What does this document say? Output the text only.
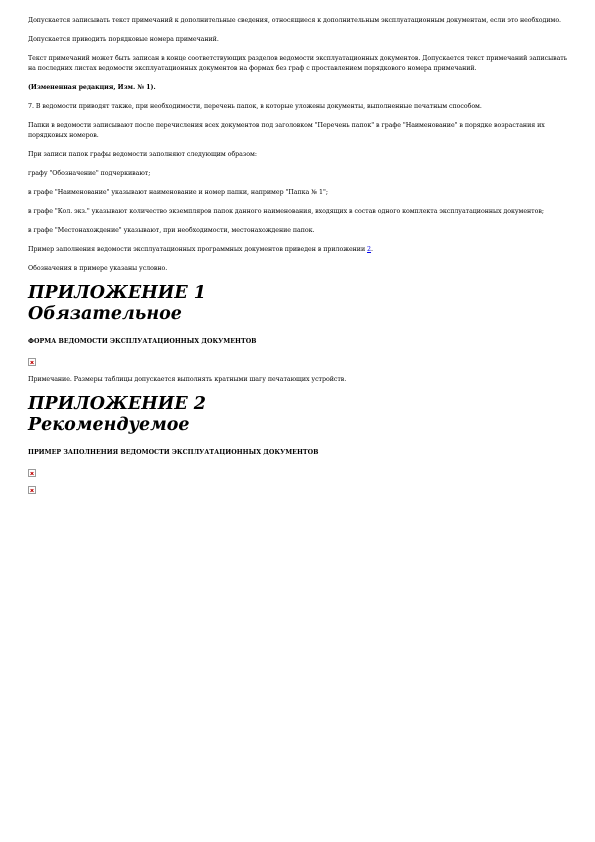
Допускается записывать текст примечаний к дополнительные сведения, относящиеся к дополнительным эксплуатационным документам, если это необходимо.

Допускается приводить порядковые номера примечаний.

Текст примечаний может быть записан в конце соответствующих разделов ведомости эксплуатационных документов. Допускается текст примечаний записывать на последних листах ведомости эксплуатационных документов на формах без граф с проставлением порядкового номера примечаний.

(Измененная редакция, Изм. № 1).

7. В ведомости приводят также, при необходимости, перечень папок, в которые уложены документы, выполненные печатным способом.

Папки в ведомости записывают после перечисления всех документов под заголовком "Перечень папок" в графе "Наименование" в порядке возрастания их порядковых номеров.

При записи папок графы ведомости заполняют следующим образом:

графу "Обозначение" подчеркивают;

в графе "Наименование" указывают наименование и номер папки, например "Папка № 1";

в графе "Кол. экз." указывают количество экземпляров папок данного наименования, входящих в состав одного комплекта эксплуатационных документов;

в графе "Местонахождение" указывают, при необходимости, местонахождение папок.

Пример заполнения ведомости эксплуатационных программных документов приведен в приложении 2.

Обозначения в примере указаны условно.

ПРИЛОЖЕНИЕ 1
Обязательное

ФОРМА ВЕДОМОСТИ ЭКСПЛУАТАЦИОННЫХ ДОКУМЕНТОВ

Примечание. Размеры таблицы допускается выполнять кратными шагу печатающих устройств.

ПРИЛОЖЕНИЕ 2
Рекомендуемое

ПРИМЕР ЗАПОЛНЕНИЯ ВЕДОМОСТИ ЭКСПЛУАТАЦИОННЫХ ДОКУМЕНТОВ
